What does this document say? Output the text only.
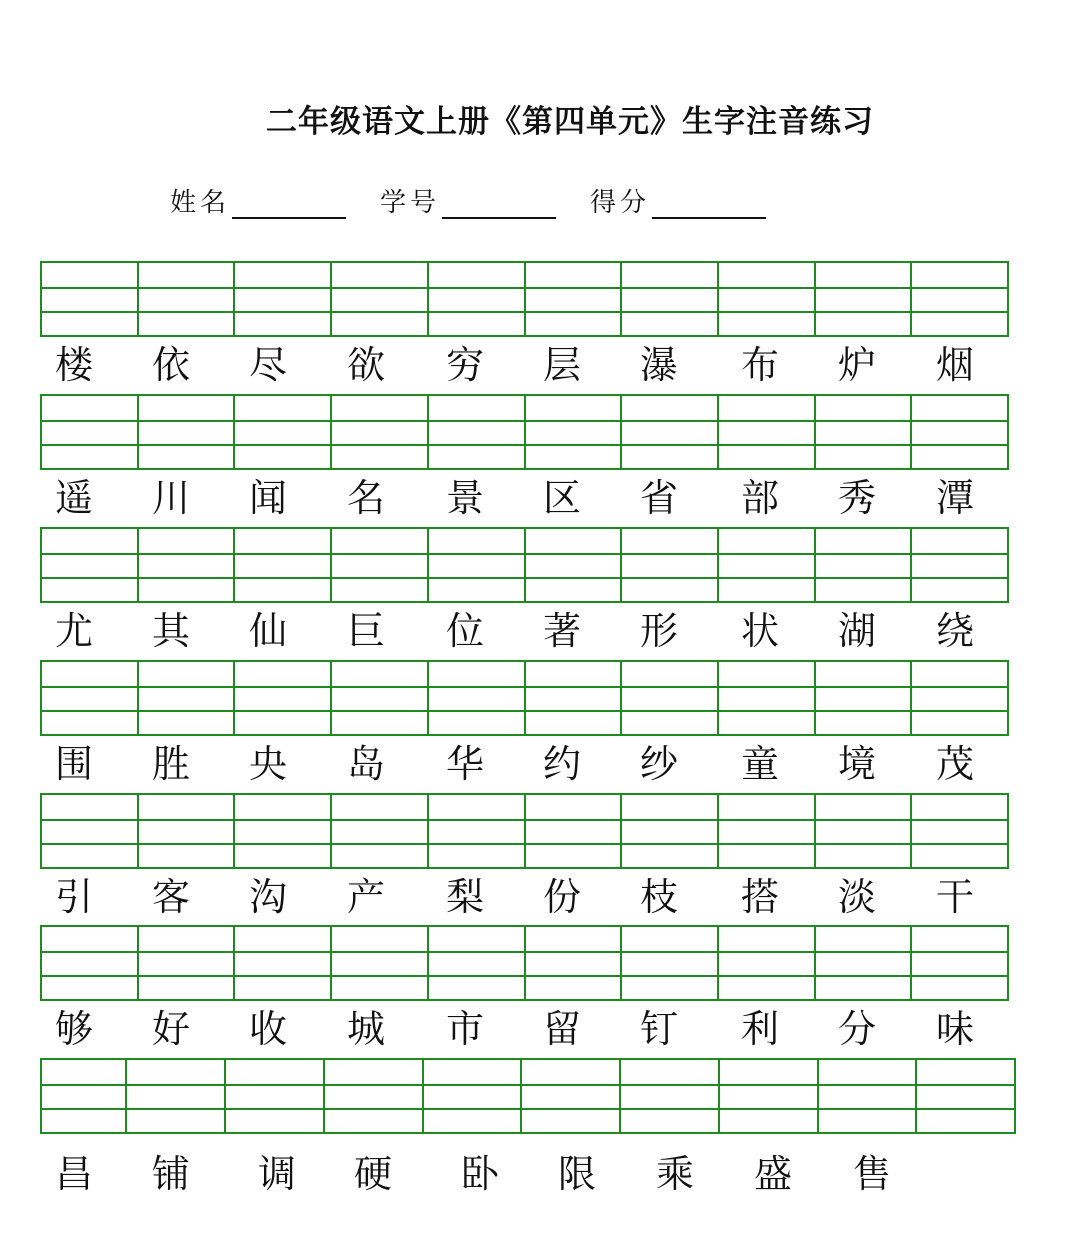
二年级语文上册《第四单元》生字注音练习
姓名	学号	得分
楼 依 尽 欲 穷 层 瀑 布 炉 烟
遥 川 闻 名 景 区 省 部 秀 潭
尤 其 仙 巨 位 著 形 状 湖 绕
围 胜 央 岛 华 约 纱 童 境 茂
引 客 沟 产 梨 份 枝 搭 淡 干
够 好 收 城 市 留 钉 利 分 味
昌 铺 调 硬 卧 限 乘 盛 售
